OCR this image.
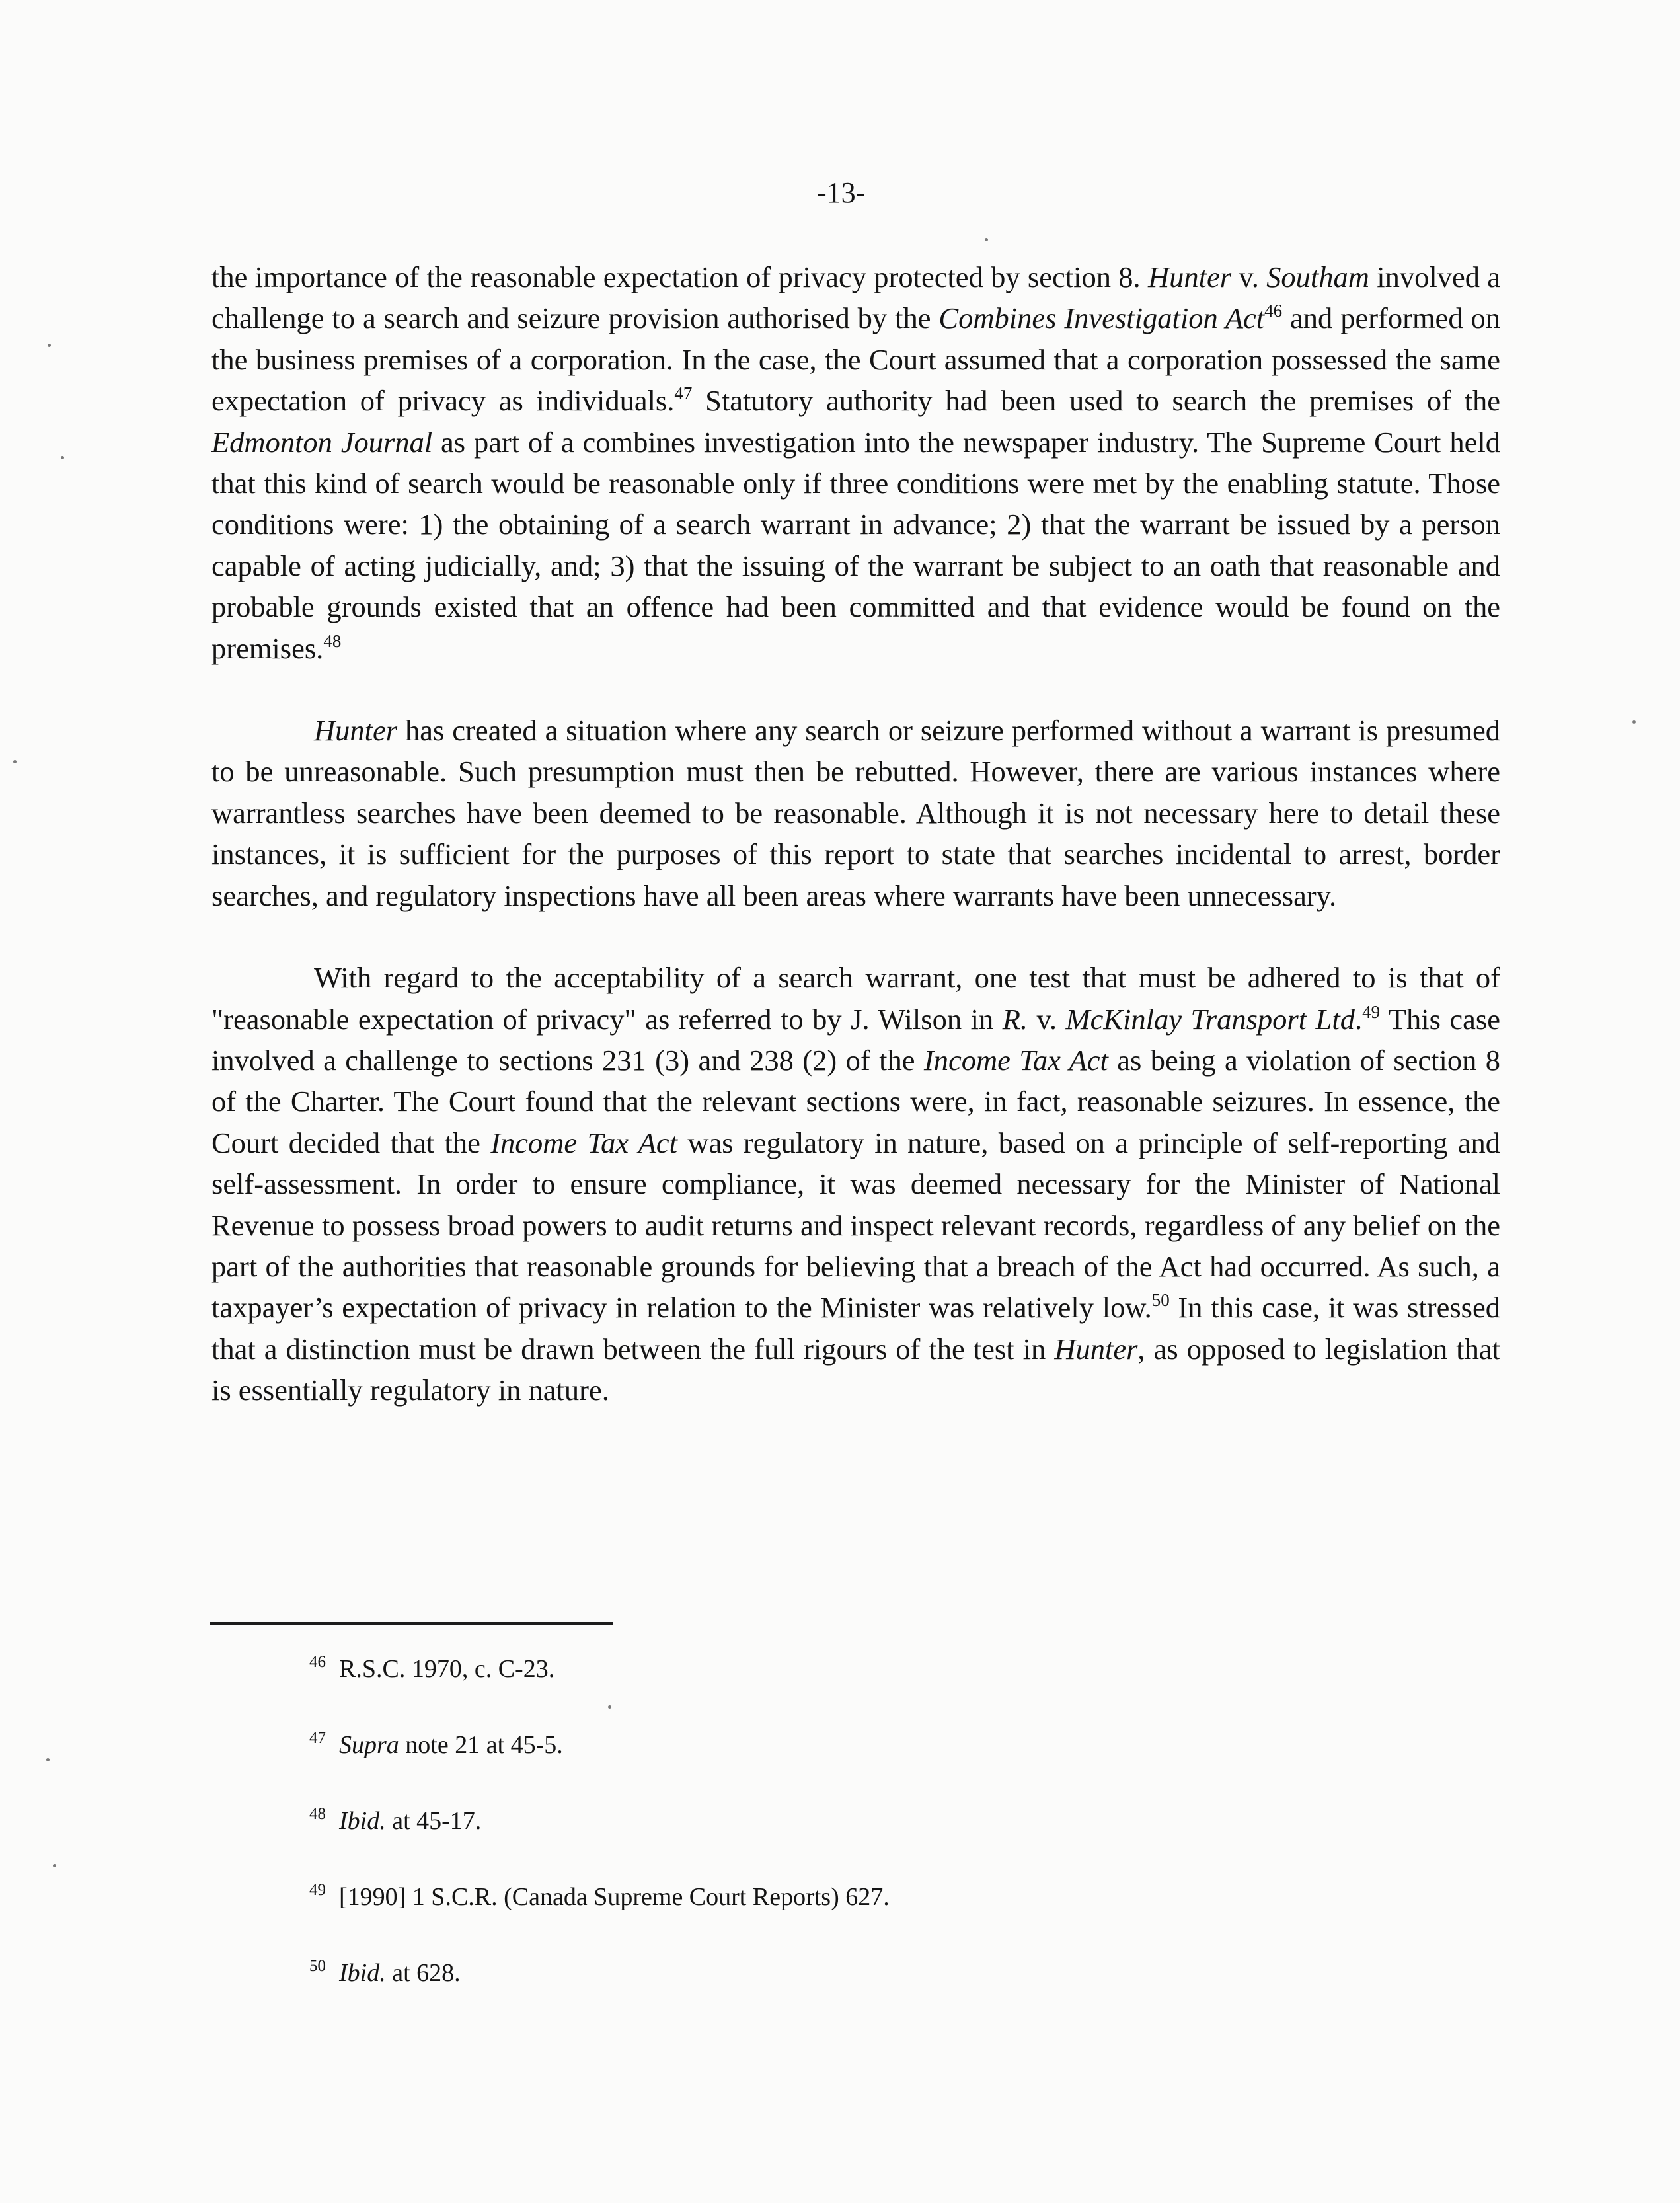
-13-

the importance of the reasonable expectation of privacy protected by section 8. Hunter v. Southam involved a challenge to a search and seizure provision authorised by the Combines Investigation Act$^{46}$ and performed on the business premises of a corporation. In the case, the Court assumed that a corporation possessed the same expectation of privacy as individuals.$^{47}$ Statutory authority had been used to search the premises of the Edmonton Journal as part of a combines investigation into the newspaper industry. The Supreme Court held that this kind of search would be reasonable only if three conditions were met by the enabling statute. Those conditions were: 1) the obtaining of a search warrant in advance; 2) that the warrant be issued by a person capable of acting judicially, and; 3) that the issuing of the warrant be subject to an oath that reasonable and probable grounds existed that an offence had been committed and that evidence would be found on the premises.$^{48}$

Hunter has created a situation where any search or seizure performed without a warrant is presumed to be unreasonable. Such presumption must then be rebutted. However, there are various instances where warrantless searches have been deemed to be reasonable. Although it is not necessary here to detail these instances, it is sufficient for the purposes of this report to state that searches incidental to arrest, border searches, and regulatory inspections have all been areas where warrants have been unnecessary.

With regard to the acceptability of a search warrant, one test that must be adhered to is that of "reasonable expectation of privacy" as referred to by J. Wilson in R. v. McKinlay Transport Ltd.$^{49}$ This case involved a challenge to sections 231 (3) and 238 (2) of the Income Tax Act as being a violation of section 8 of the Charter. The Court found that the relevant sections were, in fact, reasonable seizures. In essence, the Court decided that the Income Tax Act was regulatory in nature, based on a principle of self-reporting and self-assessment. In order to ensure compliance, it was deemed necessary for the Minister of National Revenue to possess broad powers to audit returns and inspect relevant records, regardless of any belief on the part of the authorities that reasonable grounds for believing that a breach of the Act had occurred. As such, a taxpayer’s expectation of privacy in relation to the Minister was relatively low.$^{50}$ In this case, it was stressed that a distinction must be drawn between the full rigours of the test in Hunter, as opposed to legislation that is essentially regulatory in nature.

$^{46}$ R.S.C. 1970, c. C-23.

$^{47}$ Supra note 21 at 45-5.

$^{48}$ Ibid. at 45-17.

$^{49}$ [1990] 1 S.C.R. (Canada Supreme Court Reports) 627.

$^{50}$ Ibid. at 628.
